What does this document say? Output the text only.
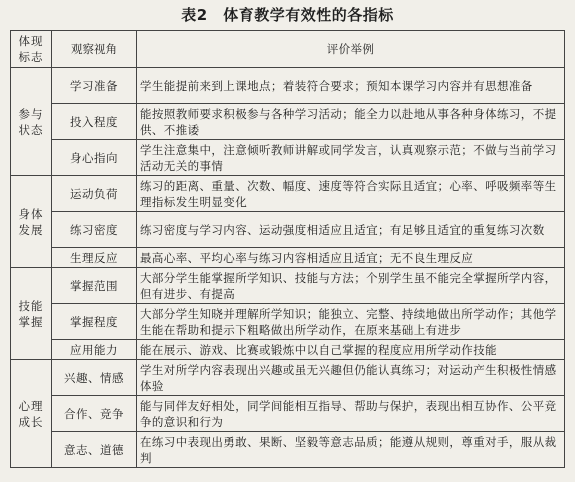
表2　体育教学有效性的各指标
体现标志	观察视角	评价举例
参与状态	学习准备	学生能提前来到上课地点；着装符合要求；预知本课学习内容并有思想准备
	投入程度	能按照教师要求积极参与各种学习活动；能全力以赴地从事各种身体练习，不提供、不推诿
	身心指向	学生注意集中，注意倾听教师讲解或同学发言，认真观察示范；不做与当前学习活动无关的事情
身体发展	运动负荷	练习的距离、重量、次数、幅度、速度等符合实际且适宜；心率、呼吸频率等生理指标发生明显变化
	练习密度	练习密度与学习内容、运动强度相适应且适宜；有足够且适宜的重复练习次数
	生理反应	最高心率、平均心率与练习内容相适应且适宜；无不良生理反应
技能掌握	掌握范围	大部分学生能掌握所学知识、技能与方法；个别学生虽不能完全掌握所学内容，但有进步、有提高
	掌握程度	大部分学生知晓并理解所学知识；能独立、完整、持续地做出所学动作；其他学生能在帮助和提示下粗略做出所学动作，在原来基础上有进步
	应用能力	能在展示、游戏、比赛或锻炼中以自己掌握的程度应用所学动作技能
心理成长	兴趣、情感	学生对所学内容表现出兴趣或虽无兴趣但仍能认真练习；对运动产生积极性情感体验
	合作、竞争	能与同伴友好相处，同学间能相互指导、帮助与保护，表现出相互协作、公平竞争的意识和行为
	意志、道德	在练习中表现出勇敢、果断、坚毅等意志品质；能遵从规则，尊重对手，服从裁判
